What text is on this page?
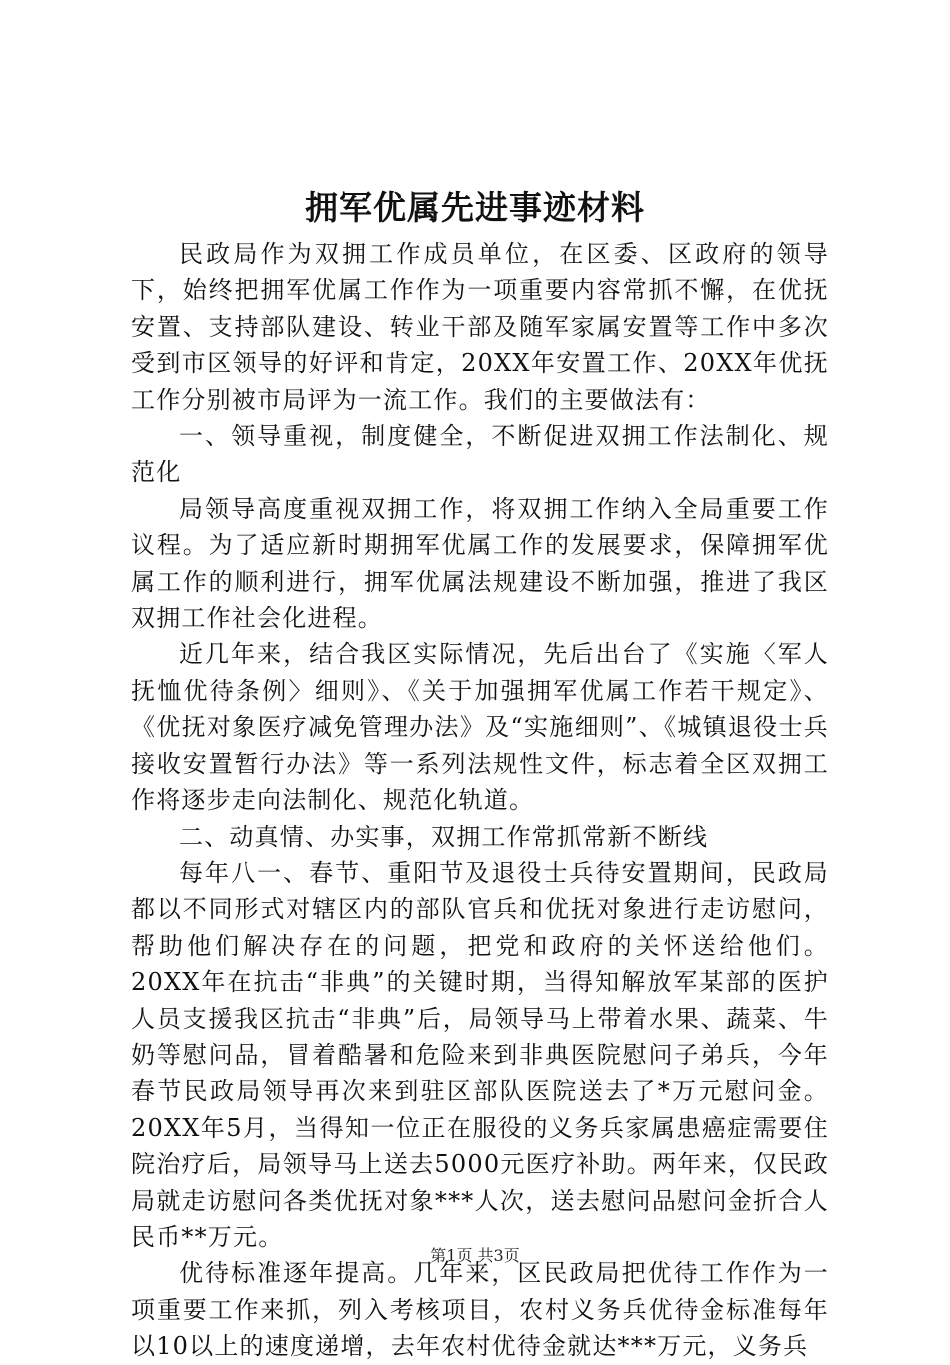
拥军优属先进事迹材料

民政局作为双拥工作成员单位，在区委、区政府的领导下，始终把拥军优属工作作为一项重要内容常抓不懈，在优抚安置、支持部队建设、转业干部及随军家属安置等工作中多次受到市区领导的好评和肯定，20XX年安置工作、20XX年优抚工作分别被市局评为一流工作。我们的主要做法有：

一、领导重视，制度健全，不断促进双拥工作法制化、规范化

局领导高度重视双拥工作，将双拥工作纳入全局重要工作议程。为了适应新时期拥军优属工作的发展要求，保障拥军优属工作的顺利进行，拥军优属法规建设不断加强，推进了我区双拥工作社会化进程。

近几年来，结合我区实际情况，先后出台了《实施〈军人抚恤优待条例〉细则》、《关于加强拥军优属工作若干规定》、《优抚对象医疗减免管理办法》及“实施细则”、《城镇退役士兵接收安置暂行办法》等一系列法规性文件，标志着全区双拥工作将逐步走向法制化、规范化轨道。

二、动真情、办实事，双拥工作常抓常新不断线

每年八一、春节、重阳节及退役士兵待安置期间，民政局都以不同形式对辖区内的部队官兵和优抚对象进行走访慰问，帮助他们解决存在的问题，把党和政府的关怀送给他们。20XX年在抗击“非典”的关键时期，当得知解放军某部的医护人员支援我区抗击“非典”后，局领导马上带着水果、蔬菜、牛奶等慰问品，冒着酷暑和危险来到非典医院慰问子弟兵，今年春节民政局领导再次来到驻区部队医院送去了*万元慰问金。20XX年5月，当得知一位正在服役的义务兵家属患癌症需要住院治疗后，局领导马上送去5000元医疗补助。两年来，仅民政局就走访慰问各类优抚对象***人次，送去慰问品慰问金折合人民币**万元。

优待标准逐年提高。几年来，区民政局把优待工作作为一项重要工作来抓，列入考核项目，农村义务兵优待金标准每年以10以上的速度递增，去年农村优待金就达***万元，义务兵

第1页 共3页
